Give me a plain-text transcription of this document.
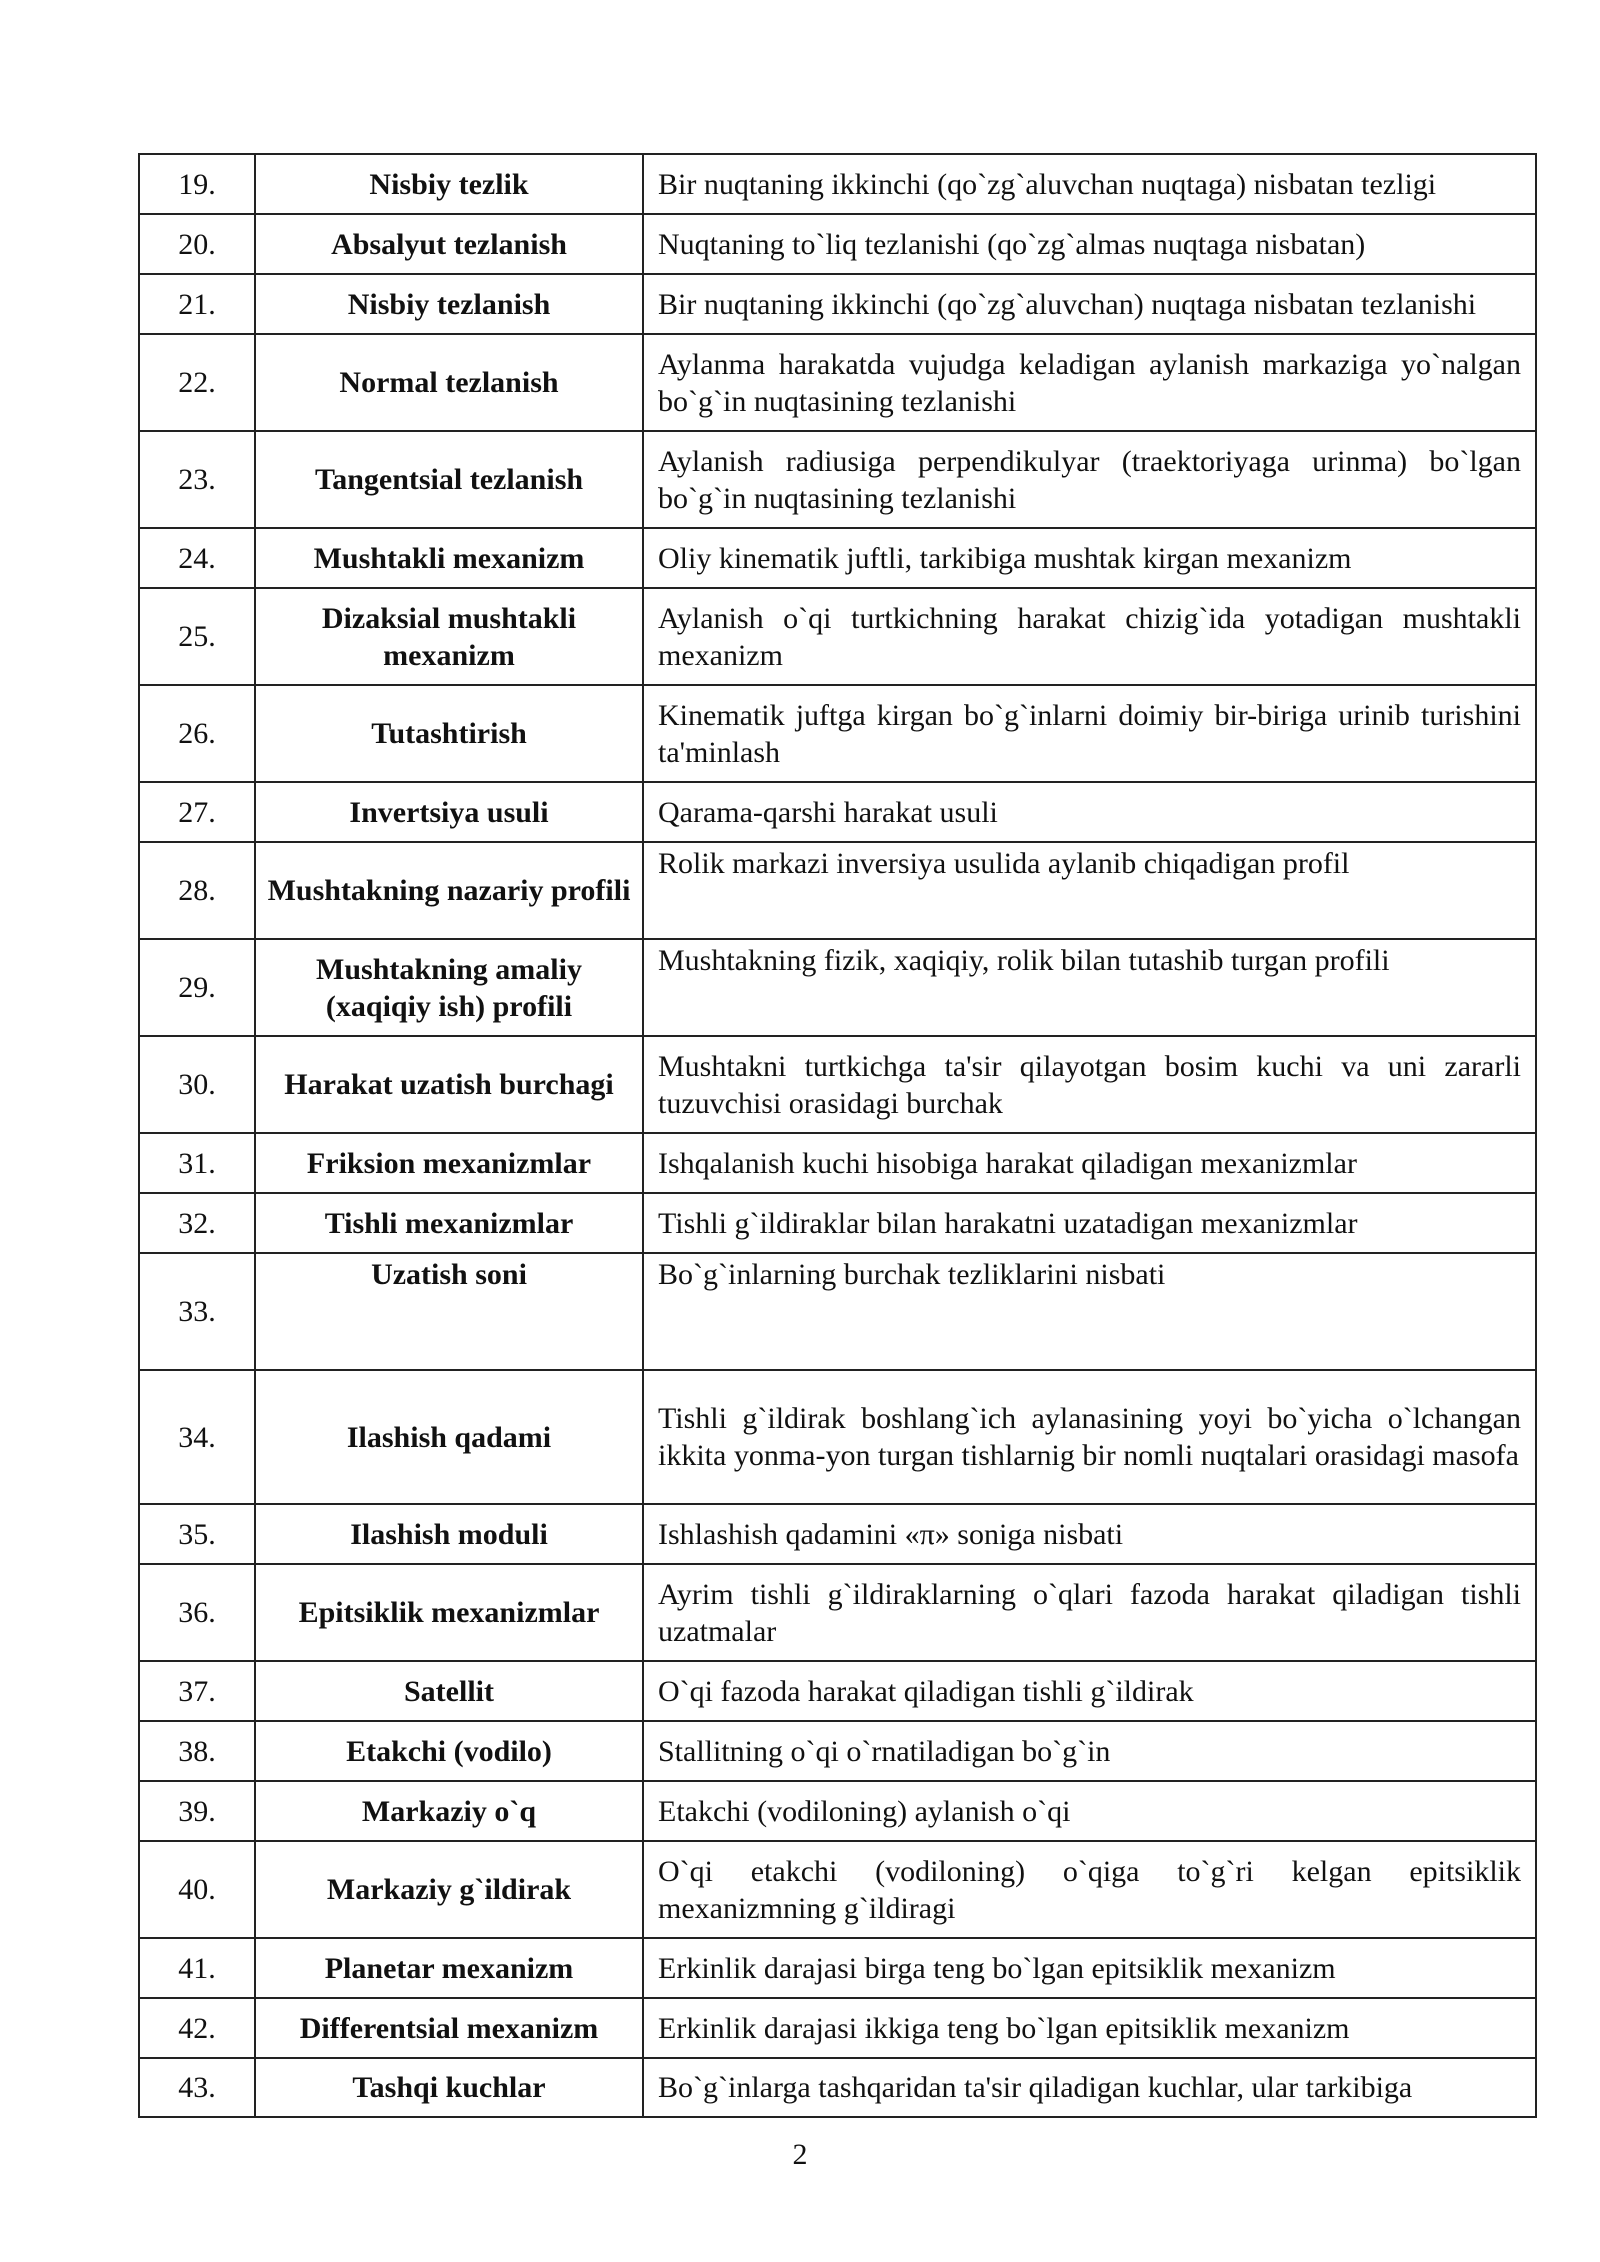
19.	Nisbiy tezlik	Bir nuqtaning ikkinchi (qo`zg`aluvchan nuqtaga) nisbatan tezligi
20.	Absalyut tezlanish	Nuqtaning to`liq tezlanishi (qo`zg`almas nuqtaga nisbatan)
21.	Nisbiy tezlanish	Bir nuqtaning ikkinchi (qo`zg`aluvchan) nuqtaga nisbatan tezlanishi
22.	Normal tezlanish	Aylanma harakatda vujudga keladigan aylanish markaziga yo`nalgan bo`g`in nuqtasining tezlanishi
23.	Tangentsial tezlanish	Aylanish radiusiga perpendikulyar (traektoriyaga urinma) bo`lgan bo`g`in nuqtasining tezlanishi
24.	Mushtakli mexanizm	Oliy kinematik juftli, tarkibiga mushtak kirgan mexanizm
25.	Dizaksial mushtakli mexanizm	Aylanish o`qi turtkichning harakat chizig`ida yotadigan mushtakli mexanizm
26.	Tutashtirish	Kinematik juftga kirgan bo`g`inlarni doimiy bir-biriga urinib turishini ta'minlash
27.	Invertsiya usuli	Qarama-qarshi harakat usuli
28.	Mushtakning nazariy profili	Rolik markazi inversiya usulida aylanib chiqadigan profil
29.	Mushtakning amaliy (xaqiqiy ish) profili	Mushtakning fizik, xaqiqiy, rolik bilan tutashib turgan profili
30.	Harakat uzatish burchagi	Mushtakni turtkichga ta'sir qilayotgan bosim kuchi va uni zararli tuzuvchisi orasidagi burchak
31.	Friksion mexanizmlar	Ishqalanish kuchi hisobiga harakat qiladigan mexanizmlar
32.	Tishli mexanizmlar	Tishli g`ildiraklar bilan harakatni uzatadigan mexanizmlar
33.	Uzatish soni	Bo`g`inlarning burchak tezliklarini nisbati
34.	Ilashish qadami	Tishli g`ildirak boshlang`ich aylanasining yoyi bo`yicha o`lchangan ikkita yonma-yon turgan tishlarnig bir nomli nuqtalari orasidagi masofa
35.	Ilashish moduli	Ishlashish qadamini «π» soniga nisbati
36.	Epitsiklik mexanizmlar	Ayrim tishli g`ildiraklarning o`qlari fazoda harakat qiladigan tishli uzatmalar
37.	Satellit	O`qi fazoda harakat qiladigan tishli g`ildirak
38.	Etakchi (vodilo)	Stallitning o`qi o`rnatiladigan bo`g`in
39.	Markaziy o`q	Etakchi (vodiloning) aylanish o`qi
40.	Markaziy g`ildirak	O`qi etakchi (vodiloning) o`qiga to`g`ri kelgan epitsiklik mexanizmning g`ildiragi
41.	Planetar mexanizm	Erkinlik darajasi birga teng bo`lgan epitsiklik mexanizm
42.	Differentsial mexanizm	Erkinlik darajasi ikkiga teng bo`lgan epitsiklik mexanizm
43.	Tashqi kuchlar	Bo`g`inlarga tashqaridan ta'sir qiladigan kuchlar, ular tarkibiga
2
